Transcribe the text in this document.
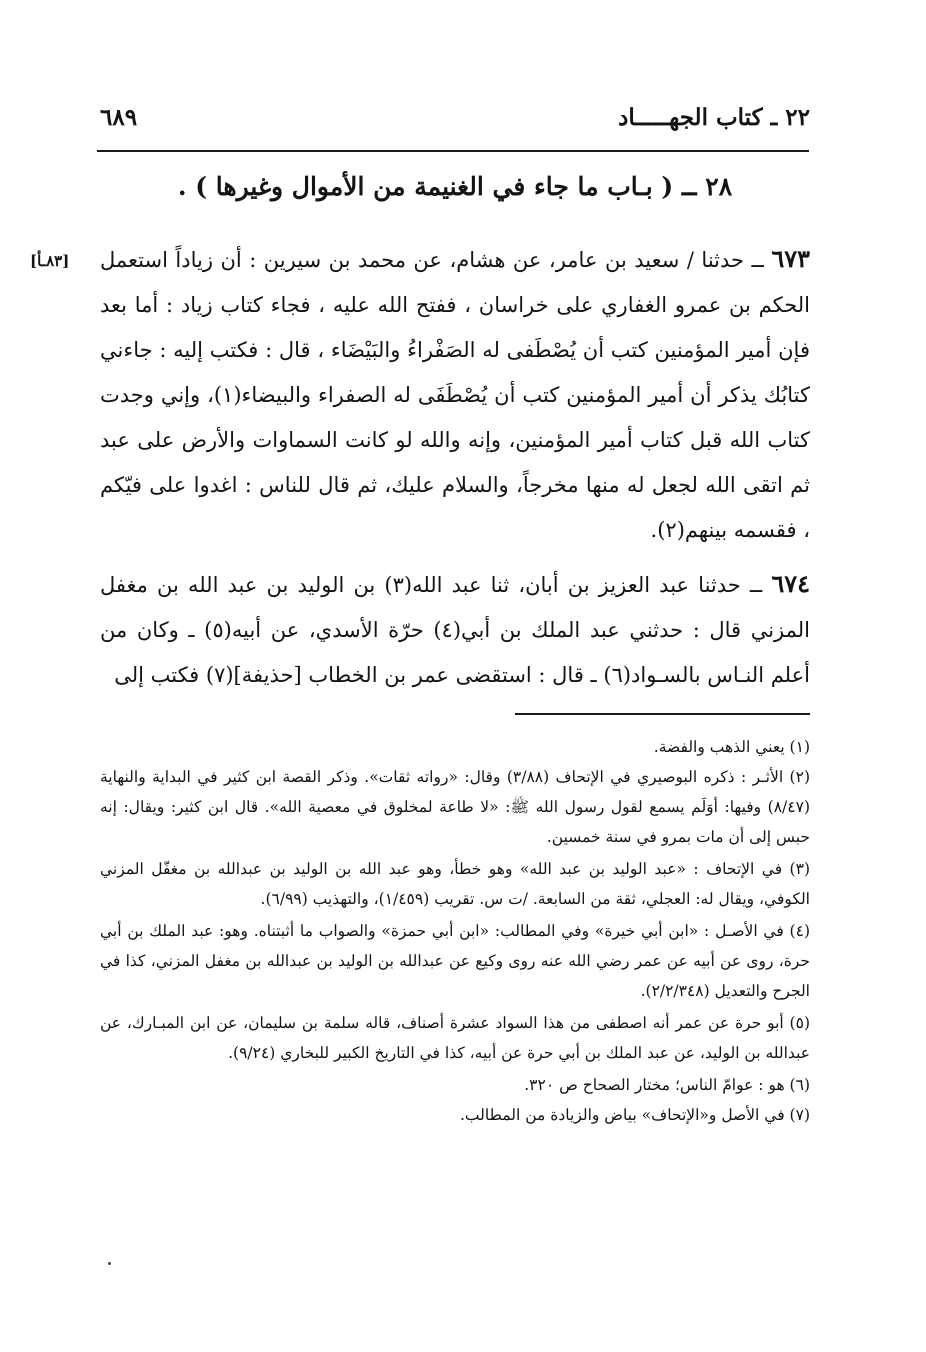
٢٢ ـ كتاب الجهـــــاد
٦٨٩
٢٨ ــ ( بـاب ما جاء في الغنيمة من الأموال وغيرها ) .
[٨٣ـأ]	٦٧٣ ــ حدثنا / سعيد بن عامر، عن هشام، عن محمد بن سيرين : أن زياداً استعمل الحكم بن عمرو الغفاري على خراسان ، ففتح الله عليه ، فجاء كتاب زياد : أما بعد فإن أمير المؤمنين كتب أن يُصْطَفى له الصَفْراءُ والبَيْضَاء ، قال : فكتب إليه : جاءني كتابُك يذكر أن أمير المؤمنين كتب أن يُصْطَفَى له الصفراء والبيضاء(١)، وإني وجدت كتاب الله قبل كتاب أمير المؤمنين، وإنه والله لو كانت السماوات والأرض على عبد ثم اتقى الله لجعل له منها مخرجاً، والسلام عليك، ثم قال للناس : اغدوا على فيّكم ، فقسمه بينهم(٢).

٦٧٤ ــ حدثنا عبد العزيز بن أبان، ثنا عبد الله(٣) بن الوليد بن عبد الله بن مغفل المزني قال : حدثني عبد الملك بن أبي(٤) حرّة الأسدي، عن أبيه(٥) ـ وكان من أعلم النـاس بالسـواد(٦) ـ قال : استقضى عمر بن الخطاب [حذيفة](٧) فكتب إلى

(١) يعني الذهب والفضة.

(٢) الأثـر : ذكره البوصيري في الإتحاف (٣/٨٨) وقال: «رواته ثقات». وذكر القصة ابن كثير في البداية والنهاية (٨/٤٧) وفيها: أوَلَم يسمع لقول رسول الله ﷺ: «لا طاعة لمخلوق في معصية الله». قال ابن كثير: ويقال: إنه حبس إلى أن مات بمرو في سنة خمسين.

(٣) في الإتحاف : «عبد الوليد بن عبد الله» وهو خطأ، وهو عبد الله بن الوليد بن عبدالله بن مغفّل المزني الكوفي، ويقال له: العجلي، ثقة من السابعة. /ت س. تقريب (١/٤٥٩)، والتهذيب (٦/٩٩).

(٤) في الأصـل : «ابن أبي خيرة» وفي المطالب: «ابن أبي حمزة» والصواب ما أثبتناه. وهو: عبد الملك بن أبي حرة، روى عن أبيه عن عمر رضي الله عنه روى وكيع عن عبدالله بن الوليد بن عبدالله بن مغفل المزني، كذا في الجرح والتعديل (٢/٢/٣٤٨).

(٥) أبو حرة عن عمر أنه اصطفى من هذا السواد عشرة أصناف، قاله سلمة بن سليمان، عن ابن المبـارك، عن عبدالله بن الوليد، عن عبد الملك بن أبي حرة عن أبيه، كذا في التاريخ الكبير للبخاري (٩/٢٤).

(٦) هو : عوامّ الناس؛ مختار الصحاح ص ٣٢٠.

(٧) في الأصل و«الإتحاف» بياض والزيادة من المطالب.
